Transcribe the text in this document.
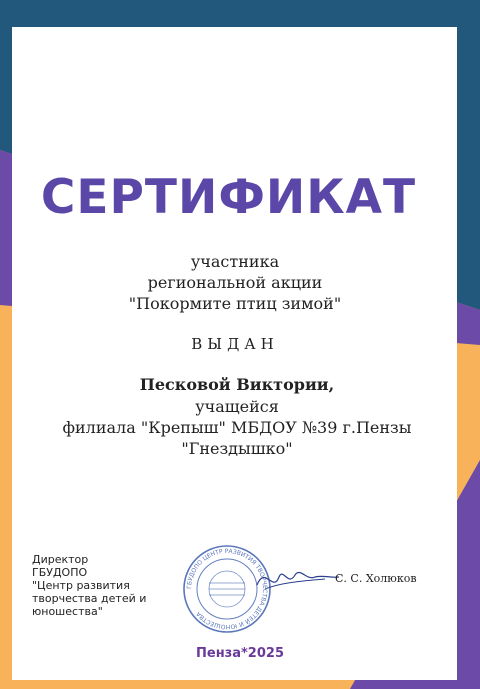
СЕРТИФИКАТ
участника
региональной акции
"Покормите птиц зимой"
ВЫДАН
Песковой Виктории,
учащейся
филиала "Крепыш" МБДОУ №39 г.Пензы
"Гнездышко"
Директор
ГБУДОПО
"Центр развития
творчества детей и
юношества"
ГБУДОПО ЦЕНТР РАЗВИТИЯ ТВОРЧЕСТВА ДЕТЕЙ И ЮНОШЕСТВА
С. С. Холюков
Пенза*2025
